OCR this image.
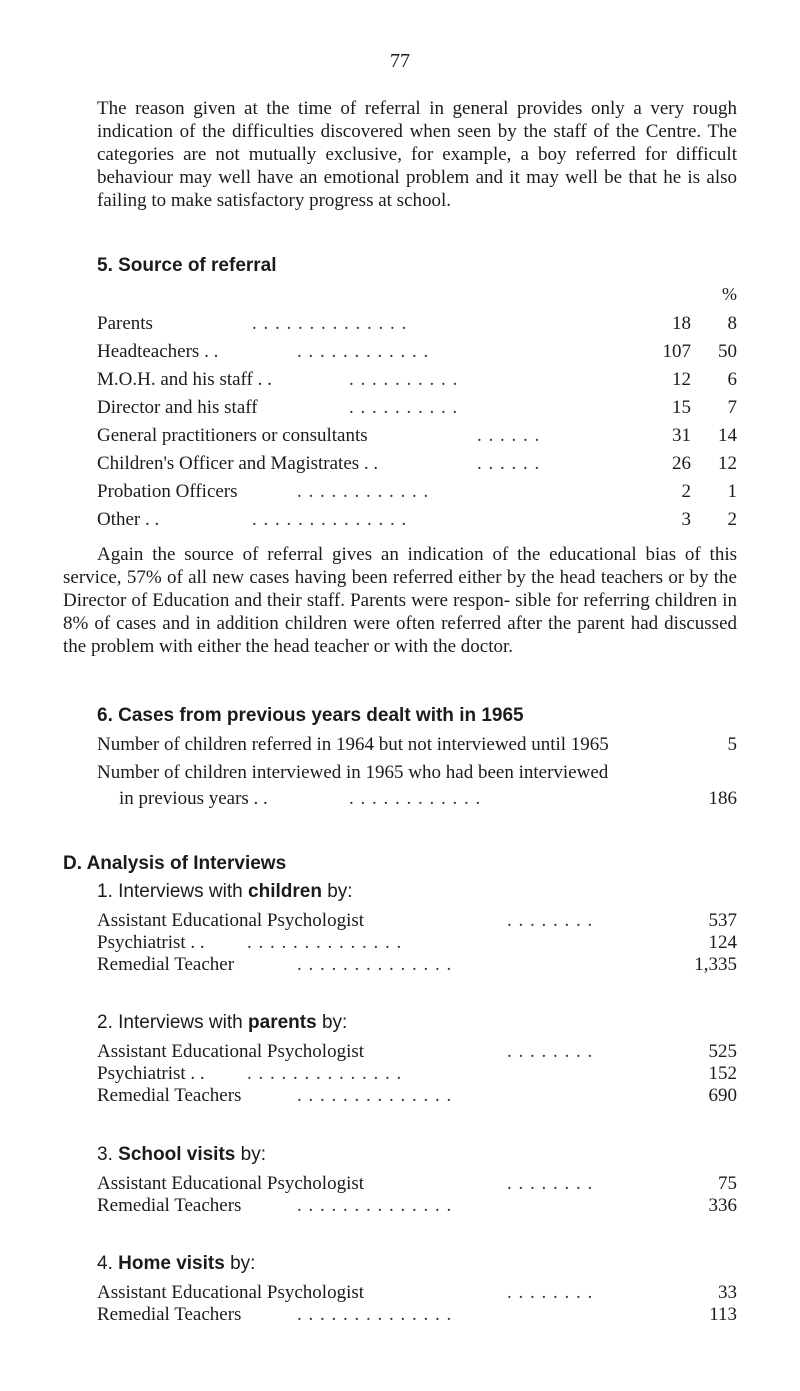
77

The reason given at the time of referral in general provides only a very rough indication of the difficulties discovered when seen by the staff of the Centre. The categories are not mutually exclusive, for example, a boy referred for difficult behaviour may well have an emotional problem and it may well be that he is also failing to make satisfactory progress at school.

5. Source of referral
%
Parents	. . . . . . . . . . . . . .	18	8
Headteachers . .	. . . . . . . . . . . .	107	50
M.O.H. and his staff . .	. . . . . . . . . .	12	6
Director and his staff	. . . . . . . . . .	15	7
General practitioners or consultants	. . . . . .	31	14
Children's Officer and Magistrates . .	. . . . . .	26	12
Probation Officers	. . . . . . . . . . . .	2	1
Other . .	. . . . . . . . . . . . . .	3	2

Again the source of referral gives an indication of the educational bias of this service, 57% of all new cases having been referred either by the head teachers or by the Director of Education and their staff. Parents were respon- sible for referring children in 8% of cases and in addition children were often referred after the parent had discussed the problem with either the head teacher or with the doctor.

6. Cases from previous years dealt with in 1965
Number of children referred in 1964 but not interviewed until 1965	5
Number of children interviewed in 1965 who had been interviewed
in previous years . .	. . . . . . . . . . . .	186
D. Analysis of Interviews
1. Interviews with children by:
Assistant Educational Psychologist	. . . . . . . .	537
Psychiatrist . . . . . . . . . . . . . . . .	124
Remedial Teacher	. . . . . . . . . . . . . .	1,335
2. Interviews with parents by:
Assistant Educational Psychologist	. . . . . . . .	525
Psychiatrist . . . . . . . . . . . . . . . .	152
Remedial Teachers	. . . . . . . . . . . . . .	690
3. School visits by:
Assistant Educational Psychologist	. . . . . . . .	75
Remedial Teachers	. . . . . . . . . . . . . .	336
4. Home visits by:
Assistant Educational Psychologist	. . . . . . . .	33
Remedial Teachers	. . . . . . . . . . . . . .	113
